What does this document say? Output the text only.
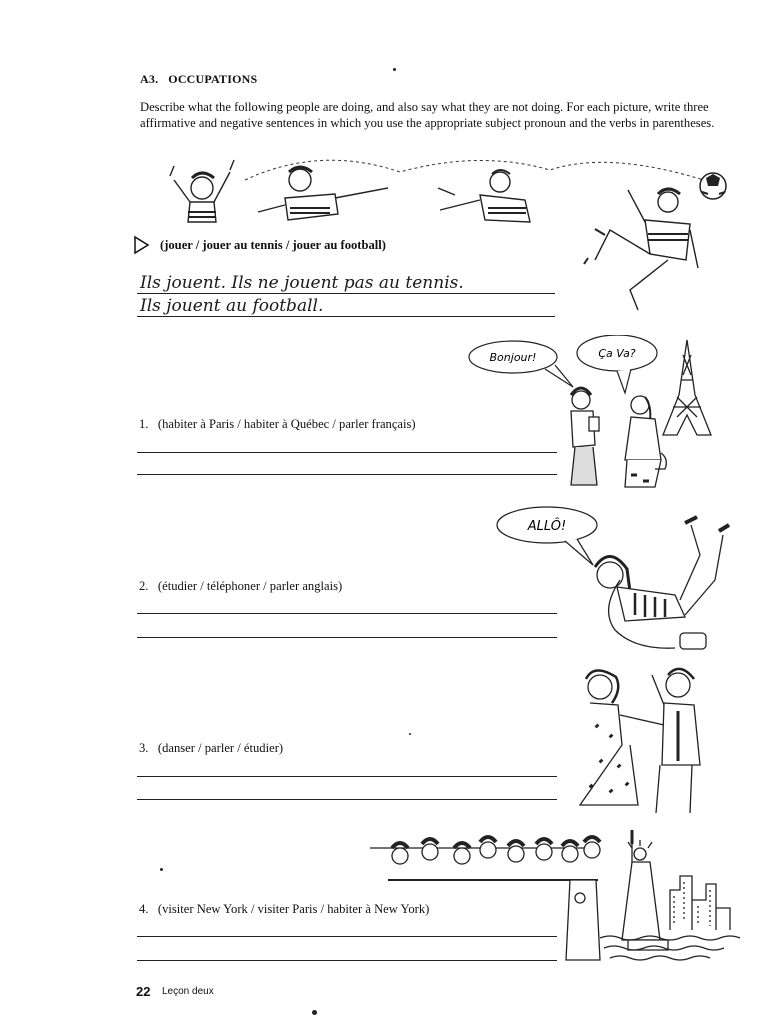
A3. OCCUPATIONS
Describe what the following people are doing, and also say what they are not doing. For each picture, write three affirmative and negative sentences in which you use the appropriate subject pronoun and the verbs in parentheses.
(jouer / jouer au tennis / jouer au football)
Ils jouent. Ils ne jouent pas au tennis.
Ils jouent au football.
1. (habiter à Paris / habiter à Québec / parler français)
Bonjour!	Ça Va?
2. (étudier / téléphoner / parler anglais)
ALLÔ!
3. (danser / parler / étudier)
4. (visiter New York / visiter Paris / habiter à New York)
22 Leçon deux
